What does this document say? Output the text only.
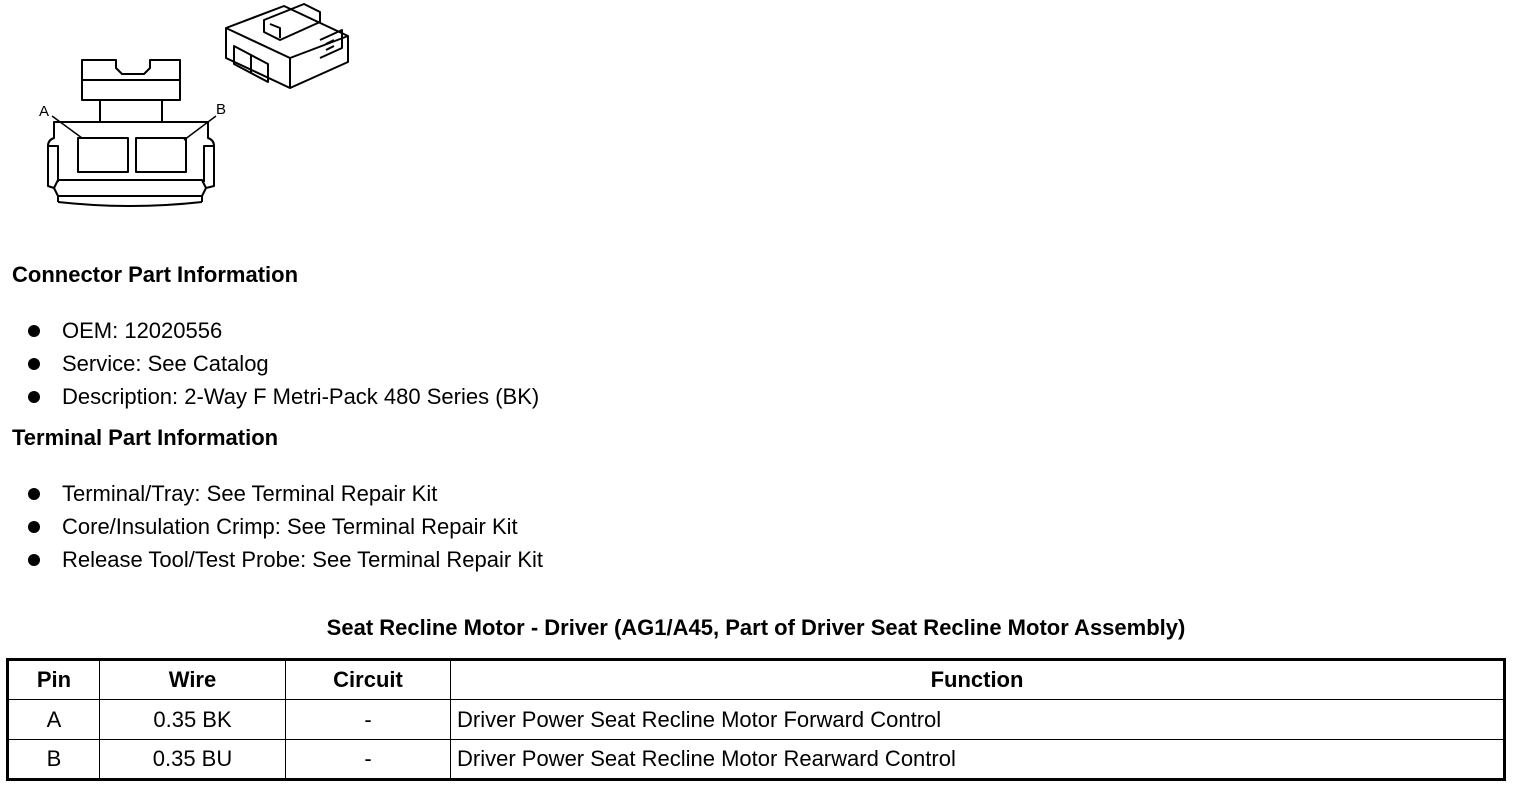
A	B
Connector Part Information
OEM: 12020556
Service: See Catalog
Description: 2-Way F Metri-Pack 480 Series (BK)
Terminal Part Information
Terminal/Tray: See Terminal Repair Kit
Core/Insulation Crimp: See Terminal Repair Kit
Release Tool/Test Probe: See Terminal Repair Kit
Seat Recline Motor - Driver (AG1/A45, Part of Driver Seat Recline Motor Assembly)
Pin	Wire	Circuit	Function
A	0.35 BK	-	Driver Power Seat Recline Motor Forward Control
B	0.35 BU	-	Driver Power Seat Recline Motor Rearward Control
